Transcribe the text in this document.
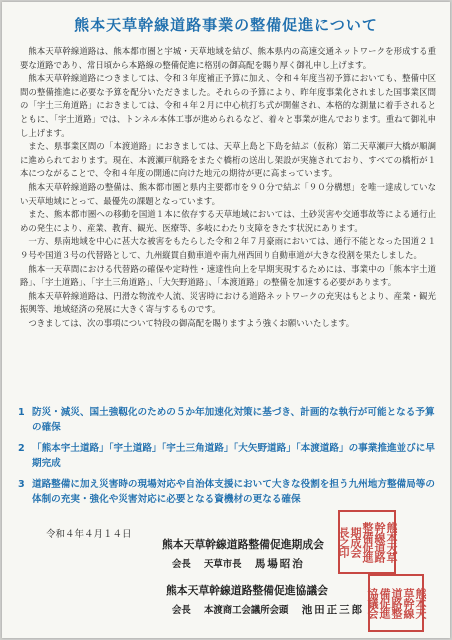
熊本天草幹線道路事業の整備促進について

熊本天草幹線道路は、熊本都市圏と宇城・天草地域を結び、熊本県内の高速交通ネットワークを形成する重要な道路であり、常日頃から本路線の整備促進に格別の御高配を賜り厚く御礼申し上げます。

熊本天草幹線道路につきましては、令和３年度補正予算に加え、令和４年度当初予算においても、整備中区間の整備推進に必要な予算を配分いただきました。それらの予算により、昨年度事業化されました国事業区間の「宇土三角道路」におきましては、令和４年２月に中心杭打ち式が開催され、本格的な測量に着手されるとともに、「宇土道路」では、トンネル本体工事が進められるなど、着々と事業が進んでおります。重ねて御礼申し上げます。

また、県事業区間の「本渡道路」におきましては、天草上島と下島を結ぶ（仮称）第二天草瀬戸大橋が順調に進められております。現在、本渡瀬戸航路をまたぐ橋桁の送出し架設が実施されており、すべての橋桁が１本につながることで、令和４年度の開通に向けた地元の期待が更に高まっています。

熊本天草幹線道路の整備は、熊本都市圏と県内主要都市を９０分で結ぶ「９０分構想」を唯一達成していない天草地域にとって、最優先の課題となっています。

また、熊本都市圏への移動を国道１本に依存する天草地域においては、土砂災害や交通事故等による通行止めの発生により、産業、教育、観光、医療等、多岐にわたり支障をきたす状況にあります。

一方、県南地域を中心に甚大な被害をもたらした令和２年７月豪雨においては、通行不能となった国道２１９号や国道３号の代替路として、九州縦貫自動車道や南九州西回り自動車道が大きな役割を果たしました。

熊本一天草間における代替路の確保や定時性・速達性向上を早期実現するためには、事業中の「熊本宇土道路」、「宇土道路」、「宇土三角道路」、「大矢野道路」、「本渡道路」の整備を加速する必要があります。

熊本天草幹線道路は、円滑な物流や人流、災害時における道路ネットワークの充実はもとより、産業・観光振興等、地域経済の発展に大きく寄与するものです。

つきましては、次の事項について特段の御高配を賜りますよう強くお願いいたします。

1 防災・減災、国土強靱化のための５か年加速化対策に基づき、計画的な執行が可能となる予算の確保
2 「熊本宇土道路」「宇土道路」「宇土三角道路」「大矢野道路」「本渡道路」の事業推進並びに早期完成
3 道路整備に加え災害時の現場対応や自治体支援において大きな役割を担う九州地方整備局等の体制の充実・強化や災害対応に必要となる資機材の更なる確保
令和４年４月１４日
熊本天草幹線道路整備促進期成会
会長 天草市長 馬場昭治
熊本天草幹線道路整備促進協議会
会長 本渡商工会議所会頭 池田正三郎
熊本天草
幹線道路
整備促進
期成会
長之印
熊本天
草幹線
道路整
備促進
協議会
